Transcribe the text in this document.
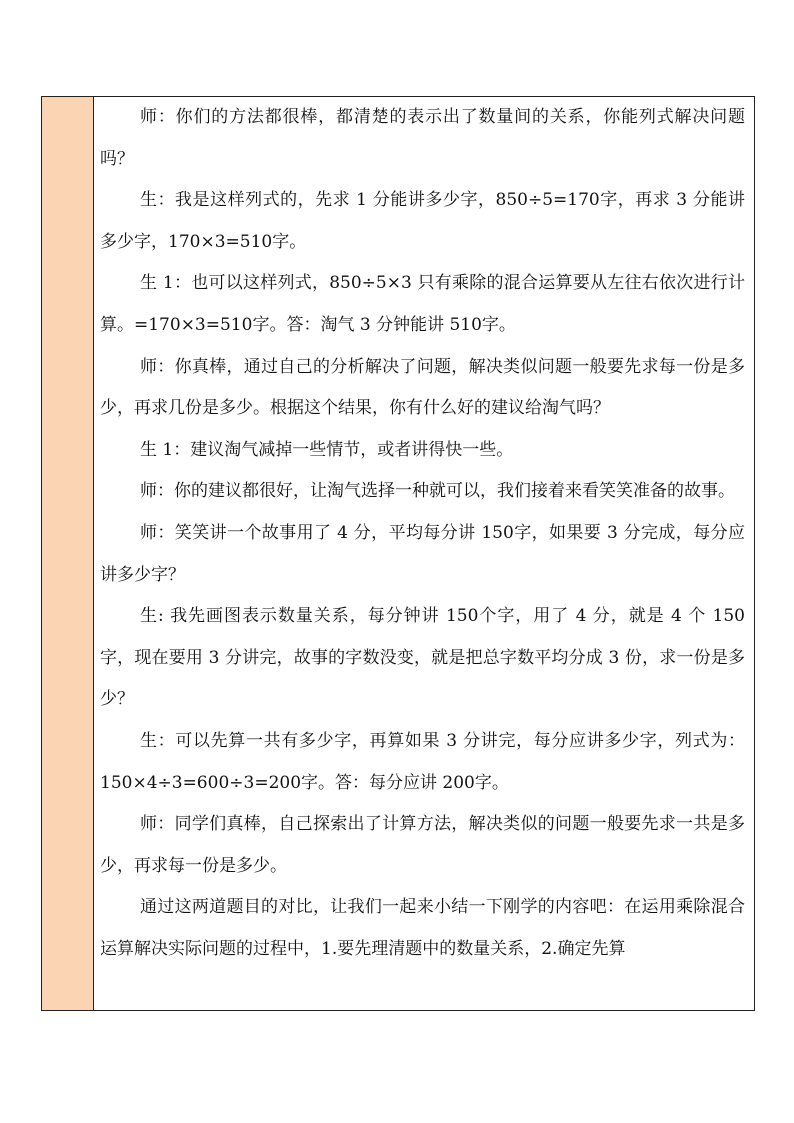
师：你们的方法都很棒，都清楚的表示出了数量间的关系，你能列式解决问题吗？

生：我是这样列式的，先求 1 分能讲多少字，850÷5=170字，再求 3 分能讲多少字，170×3=510字。

生 1：也可以这样列式，850÷5×3 只有乘除的混合运算要从左往右依次进行计算。=170×3=510字。答：淘气 3 分钟能讲 510字。

师：你真棒，通过自己的分析解决了问题，解决类似问题一般要先求每一份是多少，再求几份是多少。根据这个结果，你有什么好的建议给淘气吗？

生 1：建议淘气减掉一些情节，或者讲得快一些。

师：你的建议都很好，让淘气选择一种就可以，我们接着来看笑笑准备的故事。

师：笑笑讲一个故事用了 4 分，平均每分讲 150字，如果要 3 分完成，每分应讲多少字？

生: 我先画图表示数量关系，每分钟讲 150个字，用了 4 分，就是 4 个 150字，现在要用 3 分讲完，故事的字数没变，就是把总字数平均分成 3 份，求一份是多少？

生：可以先算一共有多少字，再算如果 3 分讲完，每分应讲多少字，列式为：150×4÷3=600÷3=200字。答：每分应讲 200字。

师：同学们真棒，自己探索出了计算方法，解决类似的问题一般要先求一共是多少，再求每一份是多少。

通过这两道题目的对比，让我们一起来小结一下刚学的内容吧：在运用乘除混合运算解决实际问题的过程中，1.要先理清题中的数量关系，2.确定先算
